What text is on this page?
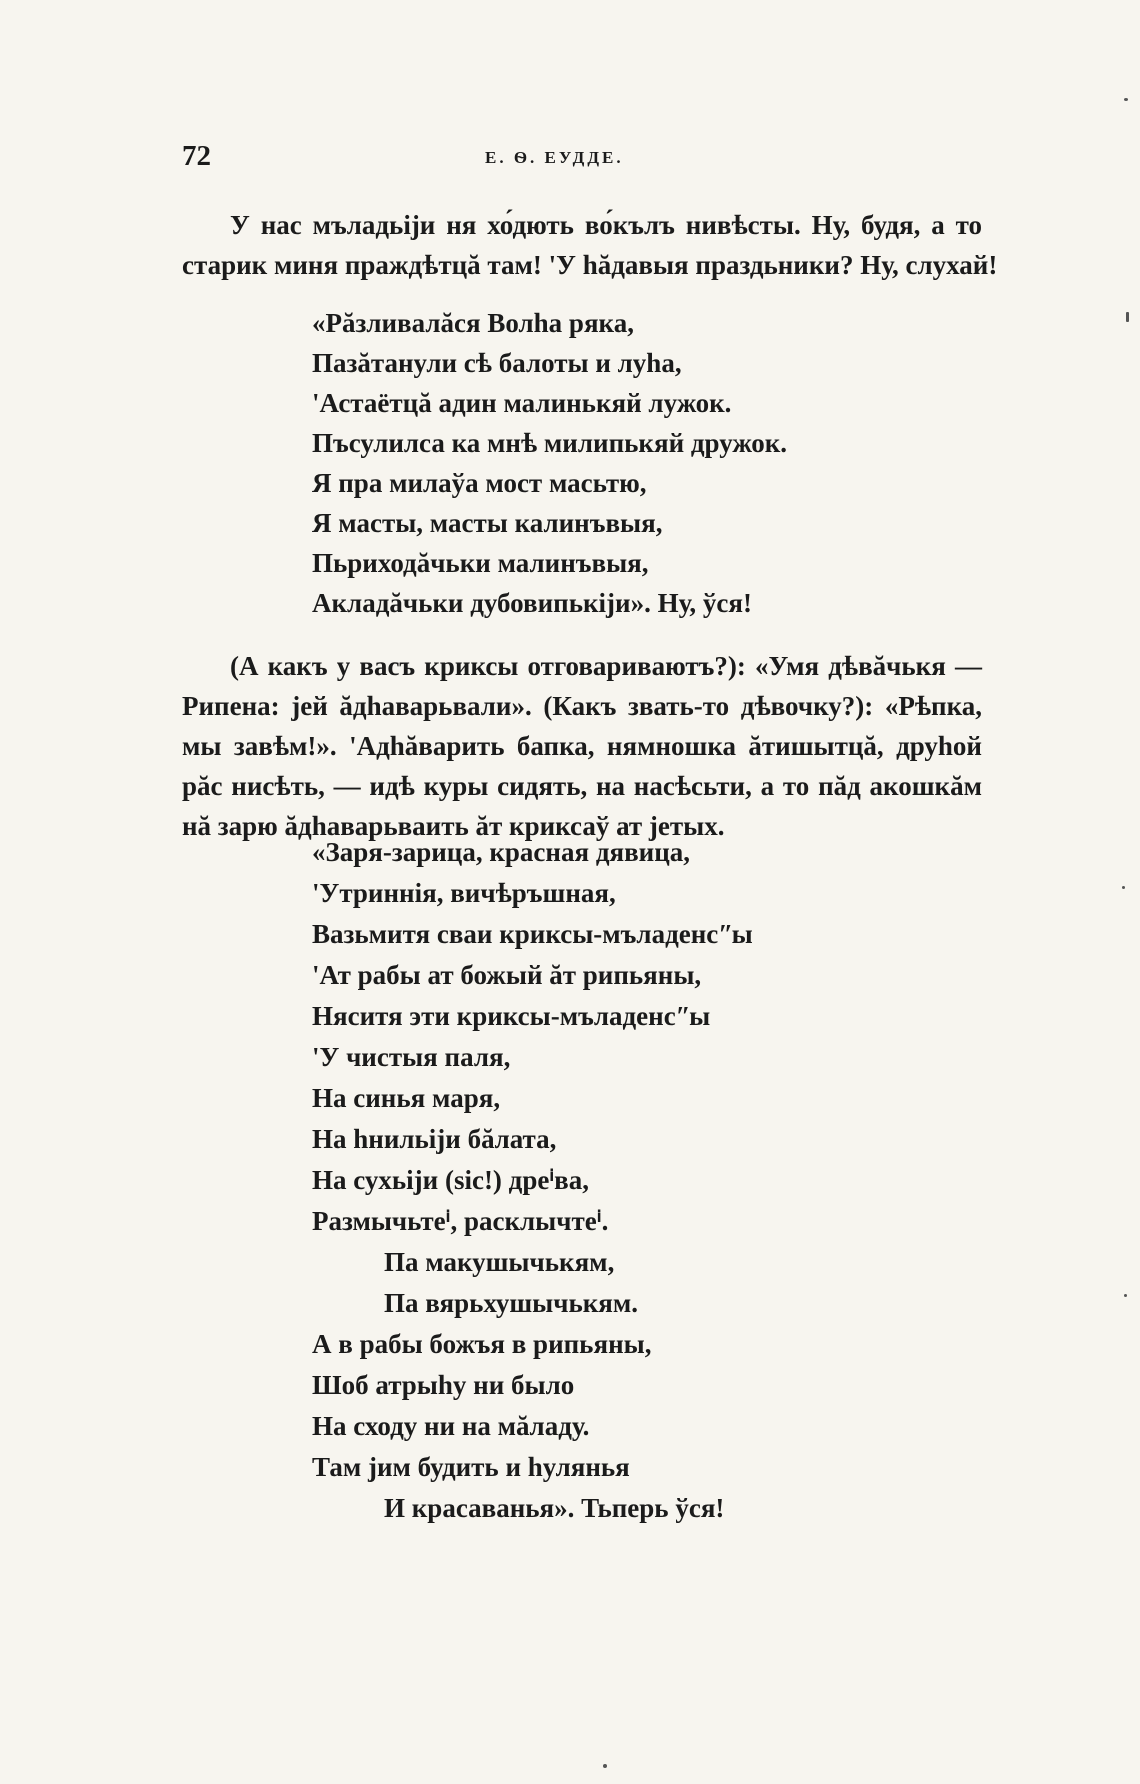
72	Е. Ѳ. ЕУДДЕ.
У нас мъладьіји ня хо́дють во́кълъ нивѣсты. Ну, будя, а то
старик миня праждѣтцă там! 'У һăдавыя праздьники? Ну, слухай!
«Рăзливалăся Волһа ряка,
Пазăтанули сѣ балоты и луһа,
'Астаётцă адин малинькяй лужок.
Пъсулилса ка мнѣ милипькяй дружок.
Я пра милаўа мост масьтю,
Я масты, масты калинъвыя,
Пьриходăчьки малинъвыя,
Акладăчьки дубовипькіји». Ну, ўся!
(А какъ у васъ криксы отговариваютъ?): «Умя дѣвăчькя —
Рипена: јей ăдһаварьвали». (Какъ звать-то дѣвочку?): «Рѣпка,
мы завѣм!». 'Адһăварить бапка, нямношка ăтишытцă, друһой
рăс нисѣть, — идѣ куры сидять, на насѣсьти, а то пăд акошкăм
нă зарю ăдһаварьваить ăт криксаў ат јетых.
«Заря-зарица, красная дявица,
'Утриннія, вичѣръшная,
Вазьмитя сваи криксы-мъладенсʺы
'Ат рабы ат божый ăт рипьяны,
Няситя эти криксы-мъладенсʺы
'У чистыя паля,
На синья маря,
На һнильіји бăлата,
На сухьіји (sic!) дреⁱва,
Размычьтеⁱ, расклычтеⁱ.
Па макушычькям,
Па вярьхушычькям.
А в рабы божъя в рипьяны,
Шоб атрыһу ни было
На сходу ни на мăладу.
Там јим будить и һулянья
И красаванья». Тьперь ўся!
